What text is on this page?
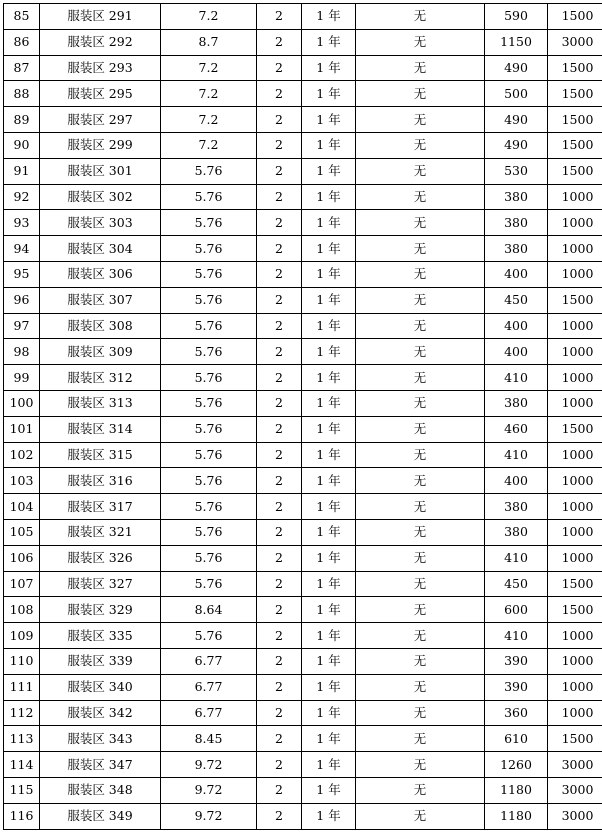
85	服装区 291	7.2	2	1 年	无	590	1500
86	服装区 292	8.7	2	1 年	无	1150	3000
87	服装区 293	7.2	2	1 年	无	490	1500
88	服装区 295	7.2	2	1 年	无	500	1500
89	服装区 297	7.2	2	1 年	无	490	1500
90	服装区 299	7.2	2	1 年	无	490	1500
91	服装区 301	5.76	2	1 年	无	530	1500
92	服装区 302	5.76	2	1 年	无	380	1000
93	服装区 303	5.76	2	1 年	无	380	1000
94	服装区 304	5.76	2	1 年	无	380	1000
95	服装区 306	5.76	2	1 年	无	400	1000
96	服装区 307	5.76	2	1 年	无	450	1500
97	服装区 308	5.76	2	1 年	无	400	1000
98	服装区 309	5.76	2	1 年	无	400	1000
99	服装区 312	5.76	2	1 年	无	410	1000
100	服装区 313	5.76	2	1 年	无	380	1000
101	服装区 314	5.76	2	1 年	无	460	1500
102	服装区 315	5.76	2	1 年	无	410	1000
103	服装区 316	5.76	2	1 年	无	400	1000
104	服装区 317	5.76	2	1 年	无	380	1000
105	服装区 321	5.76	2	1 年	无	380	1000
106	服装区 326	5.76	2	1 年	无	410	1000
107	服装区 327	5.76	2	1 年	无	450	1500
108	服装区 329	8.64	2	1 年	无	600	1500
109	服装区 335	5.76	2	1 年	无	410	1000
110	服装区 339	6.77	2	1 年	无	390	1000
111	服装区 340	6.77	2	1 年	无	390	1000
112	服装区 342	6.77	2	1 年	无	360	1000
113	服装区 343	8.45	2	1 年	无	610	1500
114	服装区 347	9.72	2	1 年	无	1260	3000
115	服装区 348	9.72	2	1 年	无	1180	3000
116	服装区 349	9.72	2	1 年	无	1180	3000
